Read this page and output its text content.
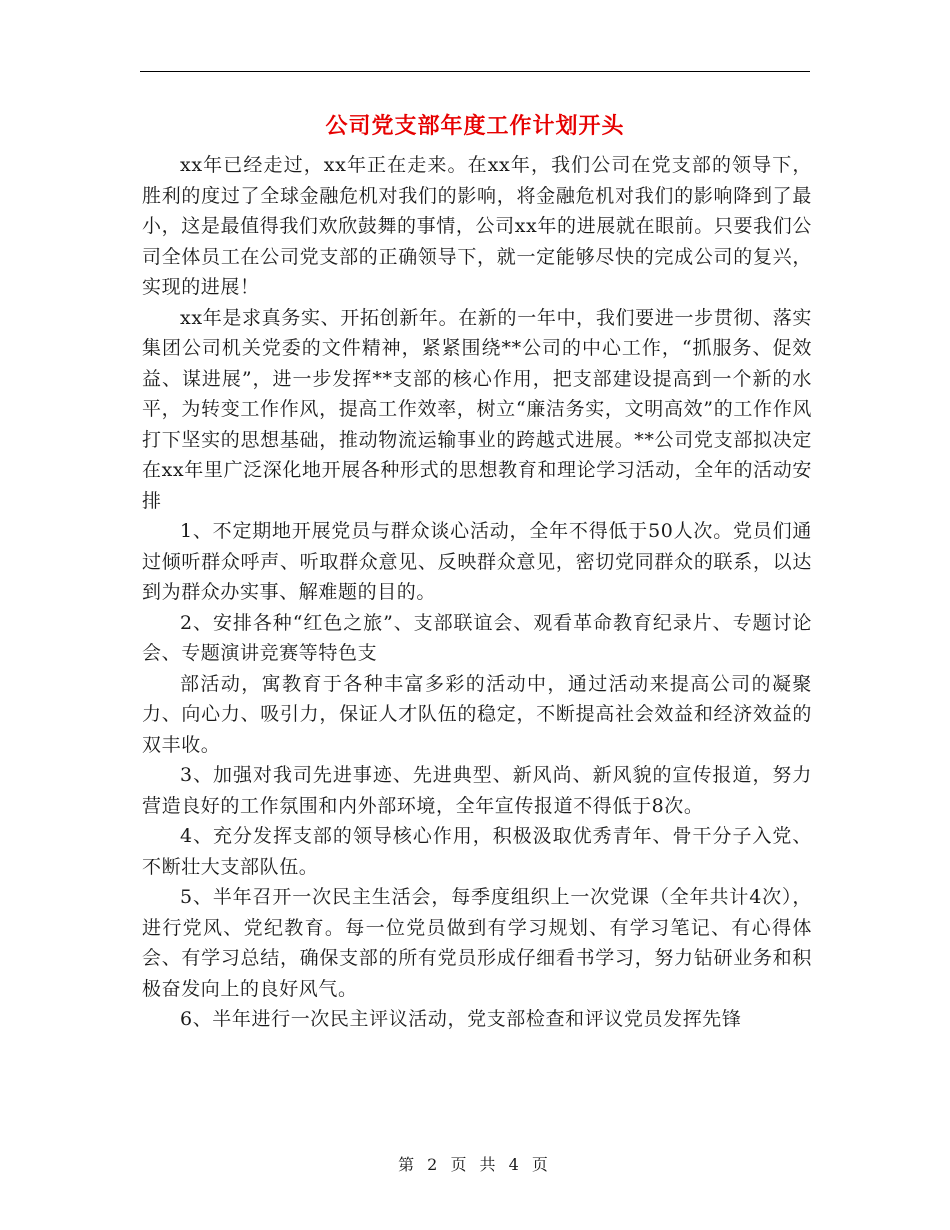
公司党支部年度工作计划开头

xx年已经走过，xx年正在走来。在xx年，我们公司在党支部的领导下，胜利的度过了全球金融危机对我们的影响，将金融危机对我们的影响降到了最小，这是最值得我们欢欣鼓舞的事情，公司xx年的进展就在眼前。只要我们公司全体员工在公司党支部的正确领导下，就一定能够尽快的完成公司的复兴，实现的进展！

xx年是求真务实、开拓创新年。在新的一年中，我们要进一步贯彻、落实集团公司机关党委的文件精神，紧紧围绕**公司的中心工作，“抓服务、促效益、谋进展”，进一步发挥**支部的核心作用，把支部建设提高到一个新的水平，为转变工作作风，提高工作效率，树立“廉洁务实，文明高效”的工作作风打下坚实的思想基础，推动物流运输事业的跨越式进展。**公司党支部拟决定在xx年里广泛深化地开展各种形式的思想教育和理论学习活动，全年的活动安排

1、不定期地开展党员与群众谈心活动，全年不得低于50人次。党员们通过倾听群众呼声、听取群众意见、反映群众意见，密切党同群众的联系，以达到为群众办实事、解难题的目的。

2、安排各种“红色之旅”、支部联谊会、观看革命教育纪录片、专题讨论会、专题演讲竞赛等特色支

部活动，寓教育于各种丰富多彩的活动中，通过活动来提高公司的凝聚力、向心力、吸引力，保证人才队伍的稳定，不断提高社会效益和经济效益的双丰收。

3、加强对我司先进事迹、先进典型、新风尚、新风貌的宣传报道，努力营造良好的工作氛围和内外部环境，全年宣传报道不得低于8次。

4、充分发挥支部的领导核心作用，积极汲取优秀青年、骨干分子入党、不断壮大支部队伍。

5、半年召开一次民主生活会，每季度组织上一次党课（全年共计4次），进行党风、党纪教育。每一位党员做到有学习规划、有学习笔记、有心得体会、有学习总结，确保支部的所有党员形成仔细看书学习，努力钻研业务和积极奋发向上的良好风气。

6、半年进行一次民主评议活动，党支部检查和评议党员发挥先锋

第 2 页 共 4 页
